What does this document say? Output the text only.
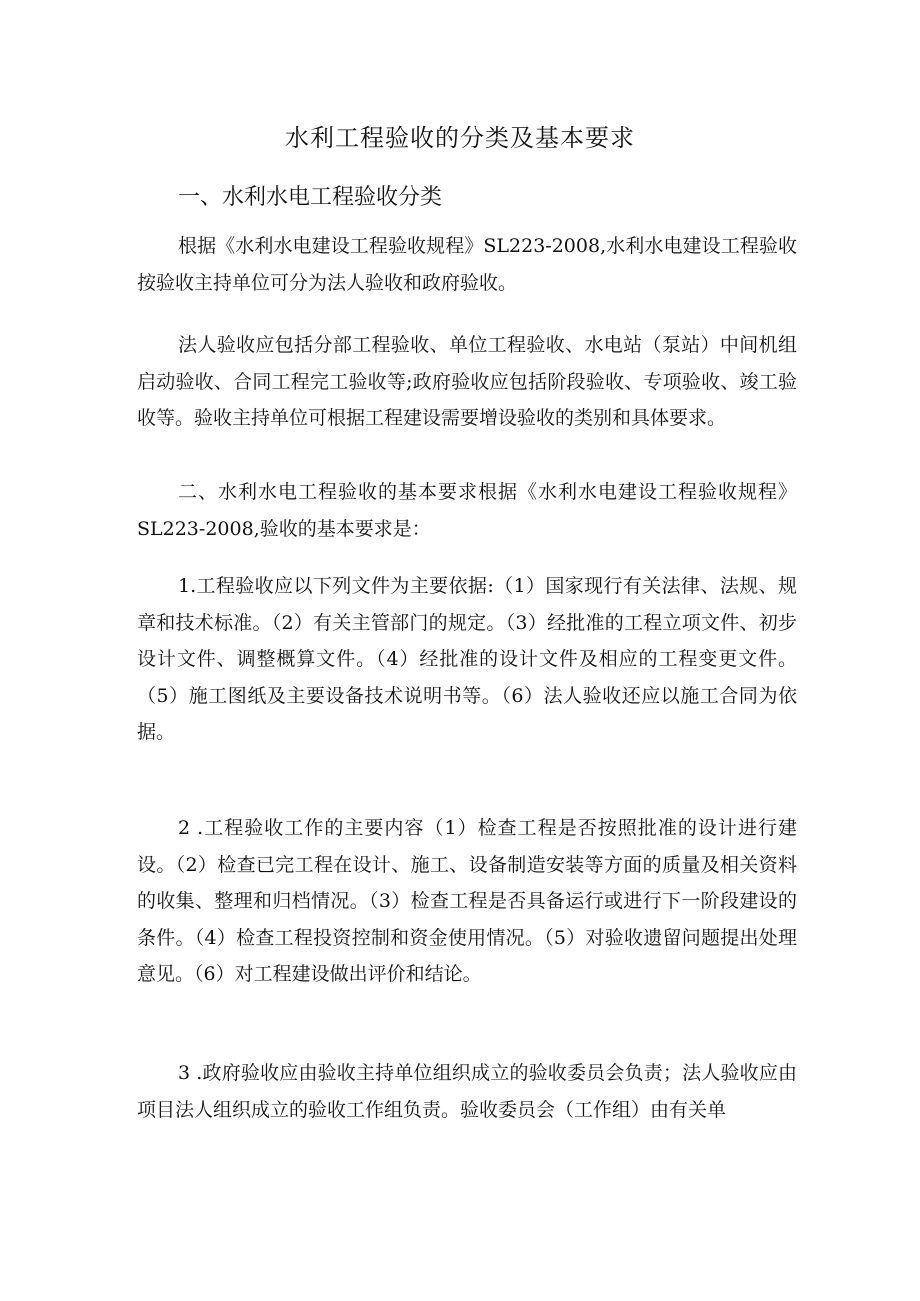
水利工程验收的分类及基本要求
一、水利水电工程验收分类

根据《水利水电建设工程验收规程》SL223-2008,水利水电建设工程验收按验收主持单位可分为法人验收和政府验收。

法人验收应包括分部工程验收、单位工程验收、水电站（泵站）中间机组启动验收、合同工程完工验收等;政府验收应包括阶段验收、专项验收、竣工验收等。验收主持单位可根据工程建设需要增设验收的类别和具体要求。

二、水利水电工程验收的基本要求根据《水利水电建设工程验收规程》SL223-2008,验收的基本要求是：

1.工程验收应以下列文件为主要依据:（1）国家现行有关法律、法规、规章和技术标准。（2）有关主管部门的规定。（3）经批准的工程立项文件、初步设计文件、调整概算文件。（4）经批准的设计文件及相应的工程变更文件。（5）施工图纸及主要设备技术说明书等。（6）法人验收还应以施工合同为依据。

2 .工程验收工作的主要内容（1）检查工程是否按照批准的设计进行建设。（2）检查已完工程在设计、施工、设备制造安装等方面的质量及相关资料的收集、整理和归档情况。（3）检查工程是否具备运行或进行下一阶段建设的条件。（4）检查工程投资控制和资金使用情况。（5）对验收遗留问题提出处理意见。（6）对工程建设做出评价和结论。

3 .政府验收应由验收主持单位组织成立的验收委员会负责；法人验收应由项目法人组织成立的验收工作组负责。验收委员会（工作组）由有关单
